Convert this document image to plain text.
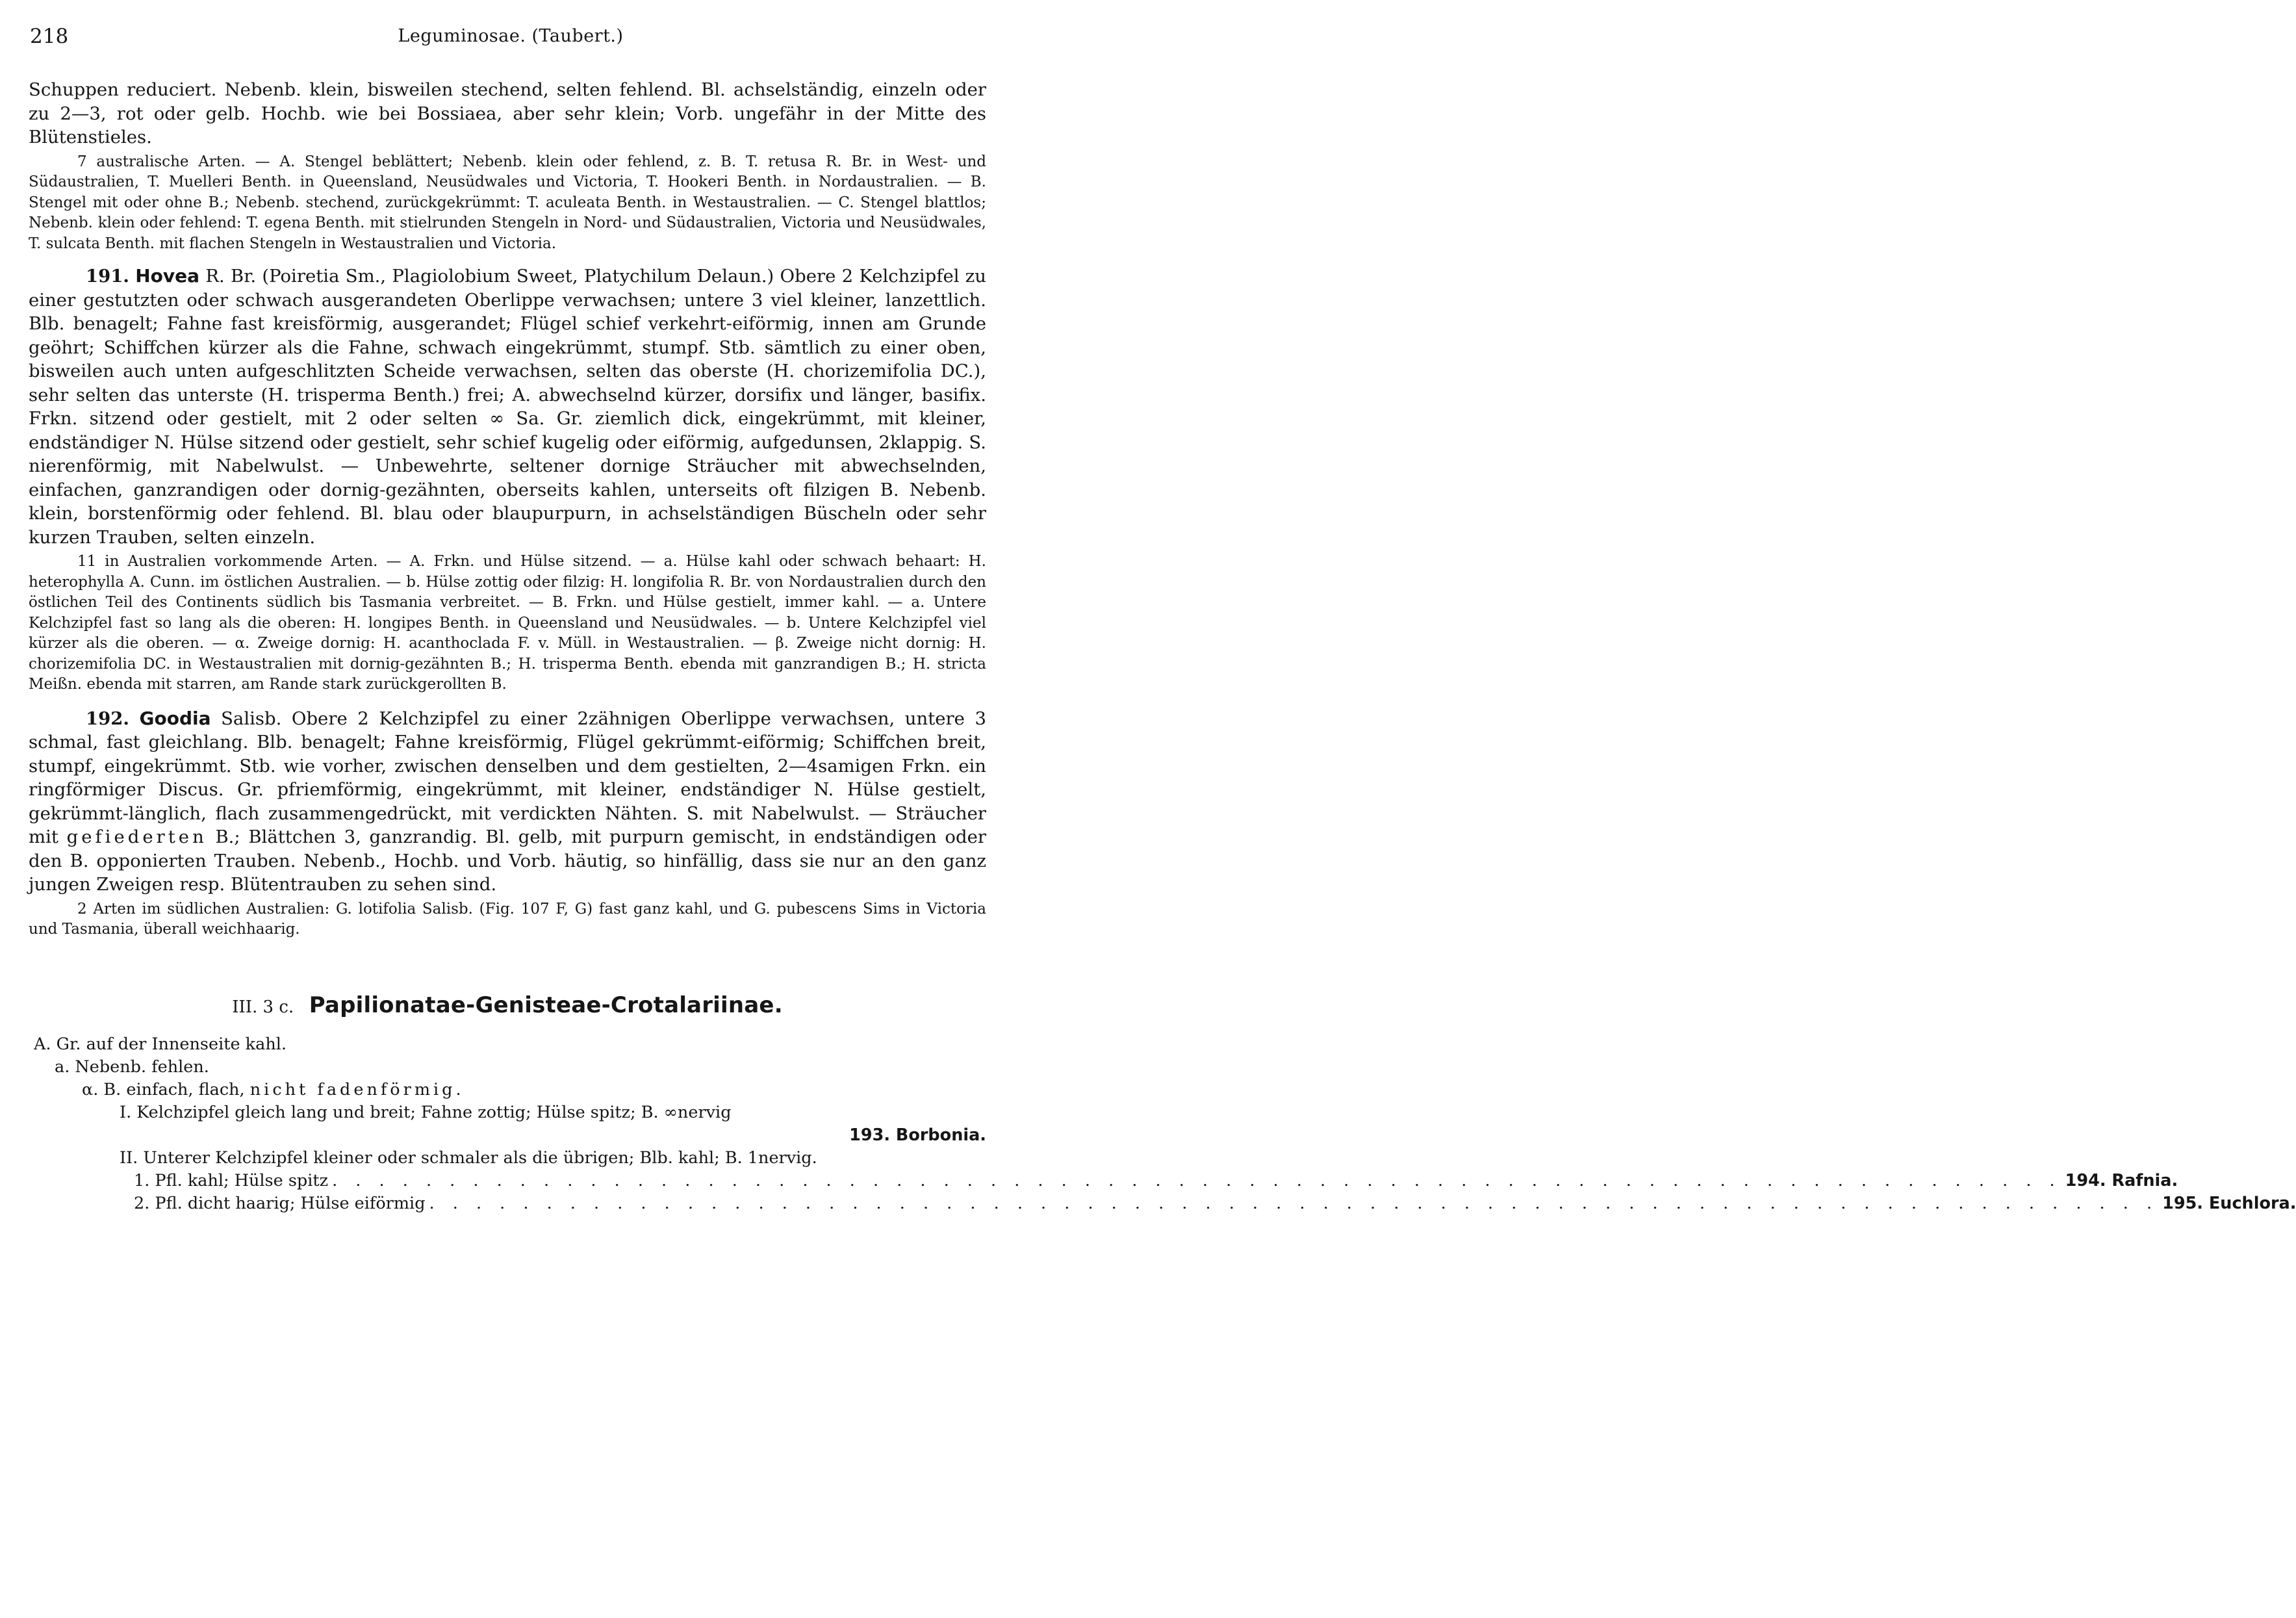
218	Leguminosae. (Taubert.)

Schuppen reduciert. Nebenb. klein, bisweilen stechend, selten fehlend. Bl. achselständig, einzeln oder zu 2—3, rot oder gelb. Hochb. wie bei Bossiaea, aber sehr klein; Vorb. ungefähr in der Mitte des Blütenstieles.

7 australische Arten. — A. Stengel beblättert; Nebenb. klein oder fehlend, z. B. T. retusa R. Br. in West- und Südaustralien, T. Muelleri Benth. in Queensland, Neusüdwales und Victoria, T. Hookeri Benth. in Nordaustralien. — B. Stengel mit oder ohne B.; Nebenb. stechend, zurückgekrümmt: T. aculeata Benth. in Westaustralien. — C. Stengel blattlos; Nebenb. klein oder fehlend: T. egena Benth. mit stielrunden Stengeln in Nord- und Südaustralien, Victoria und Neusüdwales, T. sulcata Benth. mit flachen Stengeln in Westaustralien und Victoria.

191. Hovea R. Br. (Poiretia Sm., Plagiolobium Sweet, Platychilum Delaun.) Obere 2 Kelchzipfel zu einer gestutzten oder schwach ausgerandeten Oberlippe verwachsen; untere 3 viel kleiner, lanzettlich. Blb. benagelt; Fahne fast kreisförmig, ausgerandet; Flügel schief verkehrt-eiförmig, innen am Grunde geöhrt; Schiffchen kürzer als die Fahne, schwach eingekrümmt, stumpf. Stb. sämtlich zu einer oben, bisweilen auch unten aufgeschlitzten Scheide verwachsen, selten das oberste (H. chorizemifolia DC.), sehr selten das unterste (H. trisperma Benth.) frei; A. abwechselnd kürzer, dorsifix und länger, basifix. Frkn. sitzend oder gestielt, mit 2 oder selten ∞ Sa. Gr. ziemlich dick, eingekrümmt, mit kleiner, endständiger N. Hülse sitzend oder gestielt, sehr schief kugelig oder eiförmig, aufgedunsen, 2klappig. S. nierenförmig, mit Nabelwulst. — Unbewehrte, seltener dornige Sträucher mit abwechselnden, einfachen, ganzrandigen oder dornig-gezähnten, oberseits kahlen, unterseits oft filzigen B. Nebenb. klein, borstenförmig oder fehlend. Bl. blau oder blaupurpurn, in achselständigen Büscheln oder sehr kurzen Trauben, selten einzeln.

11 in Australien vorkommende Arten. — A. Frkn. und Hülse sitzend. — a. Hülse kahl oder schwach behaart: H. heterophylla A. Cunn. im östlichen Australien. — b. Hülse zottig oder filzig: H. longifolia R. Br. von Nordaustralien durch den östlichen Teil des Continents südlich bis Tasmania verbreitet. — B. Frkn. und Hülse gestielt, immer kahl. — a. Untere Kelchzipfel fast so lang als die oberen: H. longipes Benth. in Queensland und Neusüdwales. — b. Untere Kelchzipfel viel kürzer als die oberen. — α. Zweige dornig: H. acanthoclada F. v. Müll. in Westaustralien. — β. Zweige nicht dornig: H. chorizemifolia DC. in Westaustralien mit dornig-gezähnten B.; H. trisperma Benth. ebenda mit ganzrandigen B.; H. stricta Meißn. ebenda mit starren, am Rande stark zurückgerollten B.

192. Goodia Salisb. Obere 2 Kelchzipfel zu einer 2zähnigen Oberlippe verwachsen, untere 3 schmal, fast gleichlang. Blb. benagelt; Fahne kreisförmig, Flügel gekrümmt-eiförmig; Schiffchen breit, stumpf, eingekrümmt. Stb. wie vorher, zwischen denselben und dem gestielten, 2—4samigen Frkn. ein ringförmiger Discus. Gr. pfriemförmig, eingekrümmt, mit kleiner, endständiger N. Hülse gestielt, gekrümmt-länglich, flach zusammengedrückt, mit verdickten Nähten. S. mit Nabelwulst. — Sträucher mit gefiederten B.; Blättchen 3, ganzrandig. Bl. gelb, mit purpurn gemischt, in endständigen oder den B. opponierten Trauben. Nebenb., Hochb. und Vorb. häutig, so hinfällig, dass sie nur an den ganz jungen Zweigen resp. Blütentrauben zu sehen sind.

2 Arten im südlichen Australien: G. lotifolia Salisb. (Fig. 107 F, G) fast ganz kahl, und G. pubescens Sims in Victoria und Tasmania, überall weichhaarig.

III. 3 c. Papilionatae-Genisteae-Crotalariinae.
A. Gr. auf der Innenseite kahl.
a. Nebenb. fehlen.
α. B. einfach, flach, nicht fadenförmig.
I. Kelchzipfel gleich lang und breit; Fahne zottig; Hülse spitz; B. ∞nervig
193. Borbonia.
II. Unterer Kelchzipfel kleiner oder schmaler als die übrigen; Blb. kahl; B. 1nervig.
1. Pfl. kahl; Hülse spitz . . . . . . . . . . . . . . . . . . . . . . . . . . . . . . . . . . . . . . . . . . . . . . . . . . . . . . . . . . . . . . . . . . . . . . . . . . 194. Rafnia.
2. Pfl. dicht haarig; Hülse eiförmig . . . . . . . . . . . . . . . . . . . . . . . . . . . . . . . . . . . . . . . . . . . . . . . . . . . . . . . . . . . . . . . . . . . . . . . . . . 195. Euchlora.
